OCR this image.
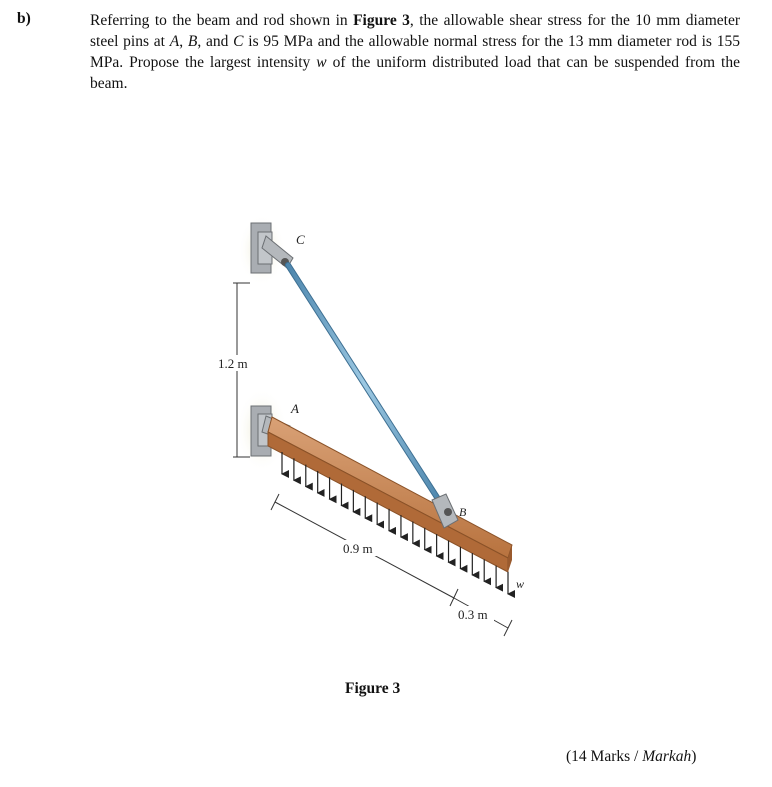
b)	Referring to the beam and rod shown in Figure 3, the allowable shear stress for the 10 mm diameter steel pins at A, B, and C is 95 MPa and the allowable normal stress for the 13 mm diameter rod is 155 MPa. Propose the largest intensity w of the uniform distributed load that can be suspended from the beam.
1.2 m
0.9 m
0.3 m
C
A
B
w
Figure 3
(14 Marks / Markah)
